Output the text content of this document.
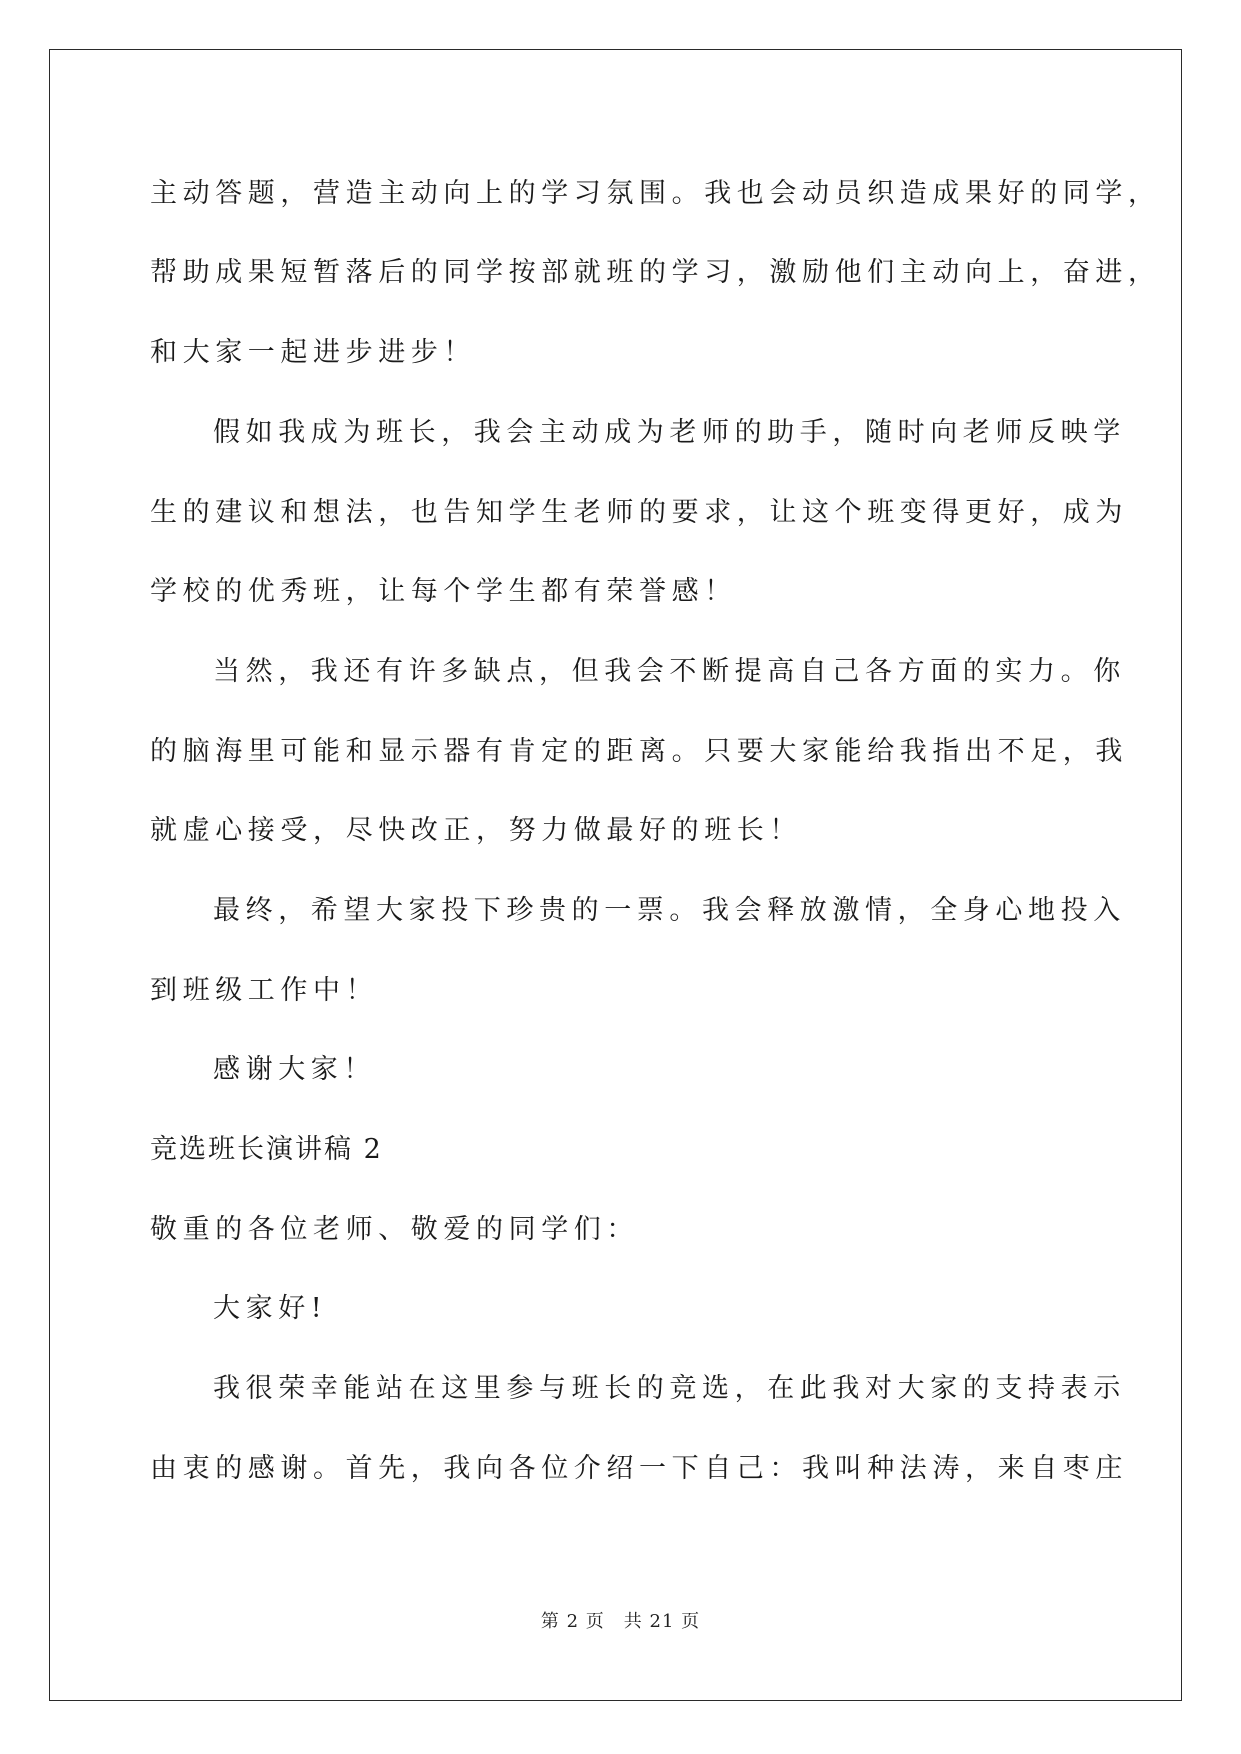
主动答题，营造主动向上的学习氛围。我也会动员织造成果好的同学，
帮助成果短暂落后的同学按部就班的学习，激励他们主动向上，奋进，
和大家一起进步进步！
假如我成为班长，我会主动成为老师的助手，随时向老师反映学
生的建议和想法，也告知学生老师的要求，让这个班变得更好，成为
学校的优秀班，让每个学生都有荣誉感！
当然，我还有许多缺点，但我会不断提高自己各方面的实力。你
的脑海里可能和显示器有肯定的距离。只要大家能给我指出不足，我
就虚心接受，尽快改正，努力做最好的班长！
最终，希望大家投下珍贵的一票。我会释放激情，全身心地投入
到班级工作中！
感谢大家！
竞选班长演讲稿 2
敬重的各位老师、敬爱的同学们：
大家好!
我很荣幸能站在这里参与班长的竞选，在此我对大家的支持表示
由衷的感谢。首先，我向各位介绍一下自己：我叫种法涛，来自枣庄
第 2 页　共 21 页
